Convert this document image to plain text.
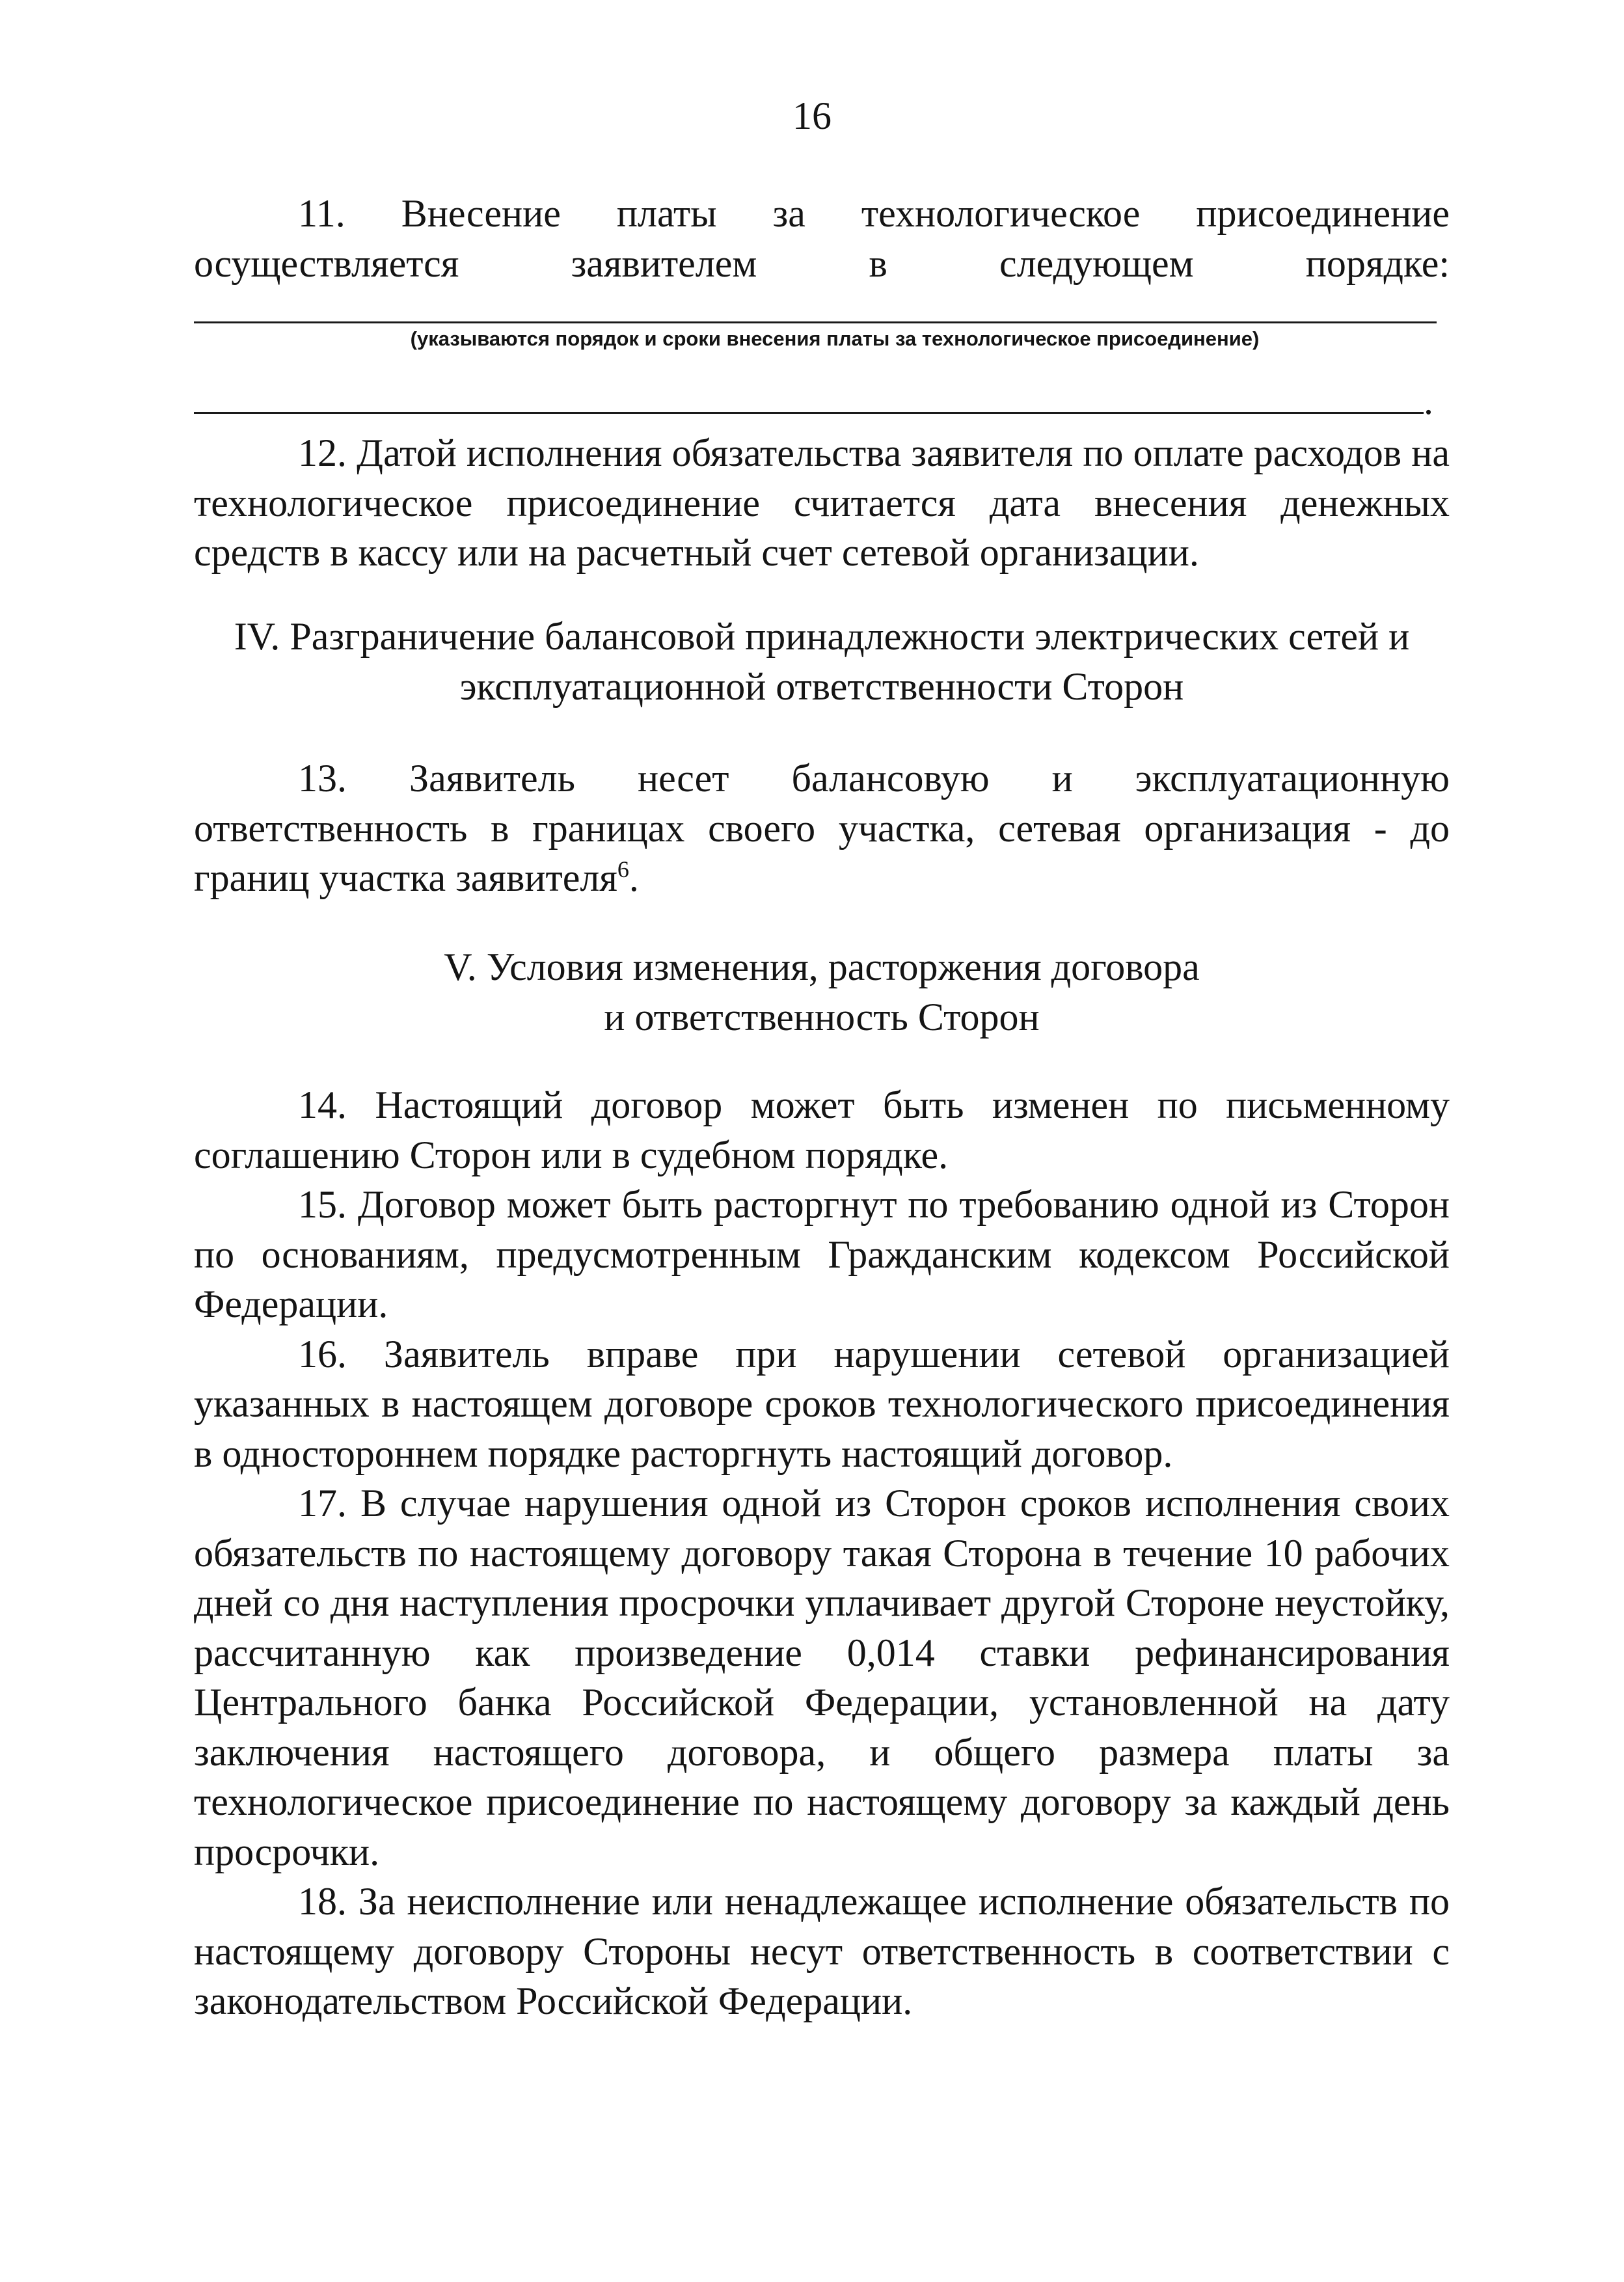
16

11. Внесение платы за технологическое присоединение осуществляется заявителем в следующем порядке:

(указываются порядок и сроки внесения платы за технологическое присоединение)
.

12. Датой исполнения обязательства заявителя по оплате расходов на технологическое присоединение считается дата внесения денежных средств в кассу или на расчетный счет сетевой организации.

IV. Разграничение балансовой принадлежности электрических сетей и

эксплуатационной ответственности Сторон

13. Заявитель несет балансовую и эксплуатационную ответственность в границах своего участка, сетевая организация - до границ участка заявителя$^6$.

V. Условия изменения, расторжения договора

и ответственность Сторон

14. Настоящий договор может быть изменен по письменному соглашению Сторон или в судебном порядке.

15. Договор может быть расторгнут по требованию одной из Сторон по основаниям, предусмотренным Гражданским кодексом Российской Федерации.

16. Заявитель вправе при нарушении сетевой организацией указанных в настоящем договоре сроков технологического присоединения в одностороннем порядке расторгнуть настоящий договор.

17. В случае нарушения одной из Сторон сроков исполнения своих обязательств по настоящему договору такая Сторона в течение 10 рабочих дней со дня наступления просрочки уплачивает другой Стороне неустойку, рассчитанную как произведение 0,014 ставки рефинансирования Центрального банка Российской Федерации, установленной на дату заключения настоящего договора, и общего размера платы за технологическое присоединение по настоящему договору за каждый день просрочки.

18. За неисполнение или ненадлежащее исполнение обязательств по настоящему договору Стороны несут ответственность в соответствии с законодательством Российской Федерации.
